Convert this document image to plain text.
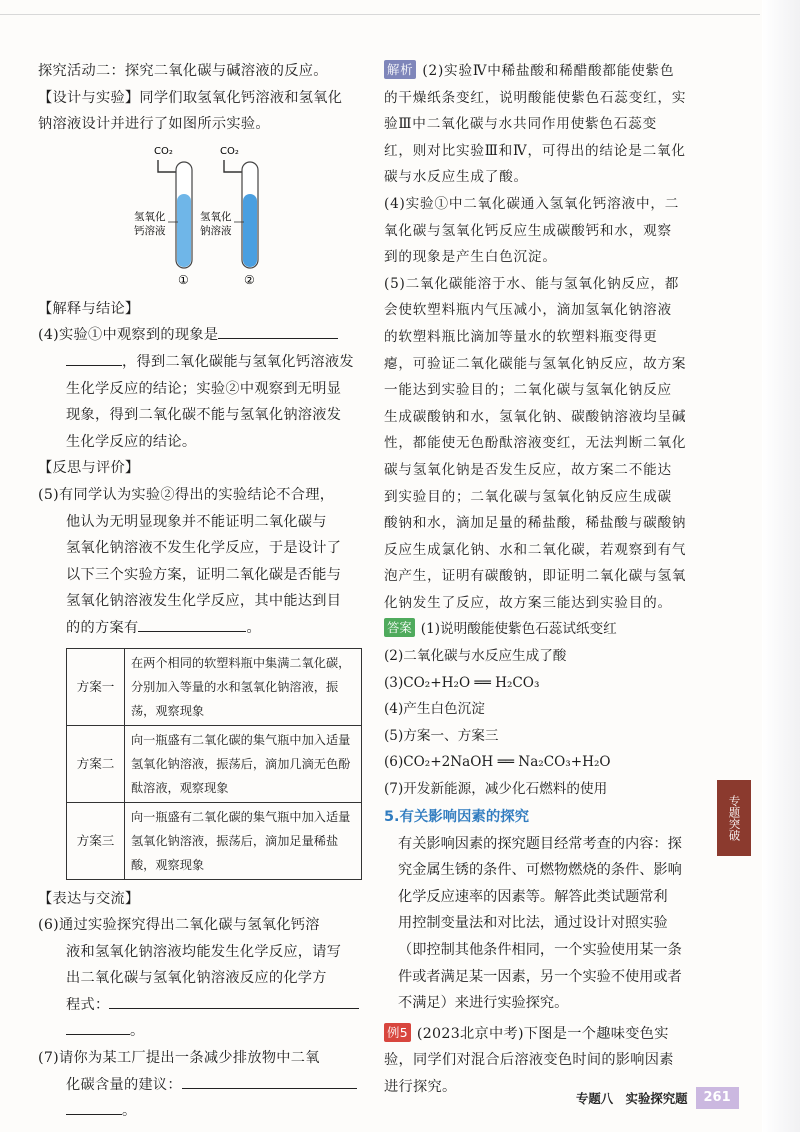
探究活动二：探究二氧化碳与碱溶液的反应。
【设计与实验】同学们取氢氧化钙溶液和氢氧化
钠溶液设计并进行了如图所示实验。
CO₂	CO₂
氢氧化
钙溶液
氢氧化
钠溶液
①	②
【解释与结论】
(4)实验①中观察到的现象是
，得到二氧化碳能与氢氧化钙溶液发
生化学反应的结论；实验②中观察到无明显
现象，得到二氧化碳不能与氢氧化钠溶液发
生化学反应的结论。
【反思与评价】
(5)有同学认为实验②得出的实验结论不合理，
他认为无明显现象并不能证明二氧化碳与
氢氧化钠溶液不发生化学反应，于是设计了
以下三个实验方案，证明二氧化碳是否能与
氢氧化钠溶液发生化学反应，其中能达到目
的的方案有	。
方案一	在两个相同的软塑料瓶中集满二氧化碳，分别加入等量的水和氢氧化钠溶液，振荡，观察现象
方案二	向一瓶盛有二氧化碳的集气瓶中加入适量氢氧化钠溶液，振荡后，滴加几滴无色酚酞溶液，观察现象
方案三	向一瓶盛有二氧化碳的集气瓶中加入适量氢氧化钠溶液，振荡后，滴加足量稀盐酸，观察现象
【表达与交流】
(6)通过实验探究得出二氧化碳与氢氧化钙溶
液和氢氧化钠溶液均能发生化学反应，请写
出二氧化碳与氢氧化钠溶液反应的化学方
程式：
。
(7)请你为某工厂提出一条减少排放物中二氧
化碳含量的建议：
。
解析 (2)实验Ⅳ中稀盐酸和稀醋酸都能使紫色
的干燥纸条变红，说明酸能使紫色石蕊变红，实
验Ⅲ中二氧化碳与水共同作用使紫色石蕊变
红，则对比实验Ⅲ和Ⅳ，可得出的结论是二氧化
碳与水反应生成了酸。
(4)实验①中二氧化碳通入氢氧化钙溶液中，二
氧化碳与氢氧化钙反应生成碳酸钙和水，观察
到的现象是产生白色沉淀。
(5)二氧化碳能溶于水、能与氢氧化钠反应，都
会使软塑料瓶内气压减小，滴加氢氧化钠溶液
的软塑料瓶比滴加等量水的软塑料瓶变得更
瘪，可验证二氧化碳能与氢氧化钠反应，故方案
一能达到实验目的；二氧化碳与氢氧化钠反应
生成碳酸钠和水，氢氧化钠、碳酸钠溶液均呈碱
性，都能使无色酚酞溶液变红，无法判断二氧化
碳与氢氧化钠是否发生反应，故方案二不能达
到实验目的；二氧化碳与氢氧化钠反应生成碳
酸钠和水，滴加足量的稀盐酸，稀盐酸与碳酸钠
反应生成氯化钠、水和二氧化碳，若观察到有气
泡产生，证明有碳酸钠，即证明二氧化碳与氢氧
化钠发生了反应，故方案三能达到实验目的。
答案 (1)说明酸能使紫色石蕊试纸变红
(2)二氧化碳与水反应生成了酸
(3)CO₂+H₂O ══ H₂CO₃
(4)产生白色沉淀
(5)方案一、方案三
(6)CO₂+2NaOH ══ Na₂CO₃+H₂O
(7)开发新能源，减少化石燃料的使用
5.有关影响因素的探究
有关影响因素的探究题目经常考查的内容：探
究金属生锈的条件、可燃物燃烧的条件、影响
化学反应速率的因素等。解答此类试题常利
用控制变量法和对比法，通过设计对照实验
（即控制其他条件相同，一个实验使用某一条
件或者满足某一因素，另一个实验不使用或者
不满足）来进行实验探究。
例5 (2023北京中考)下图是一个趣味变色实
验，同学们对混合后溶液变色时间的影响因素
进行探究。
专题突破
专题八　实验探究题	261
